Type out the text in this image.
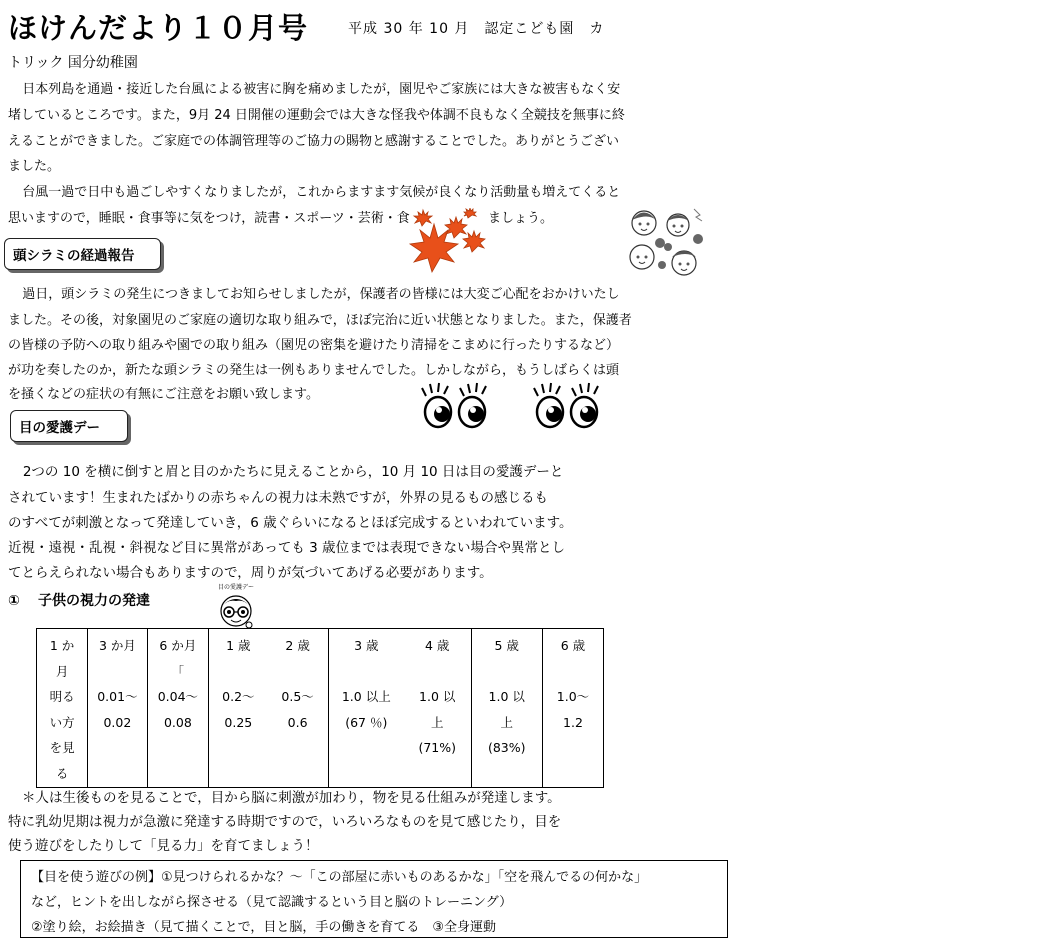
ほけんだより１０月号	平成 30 年 10 月　認定こども園　カ
トリック 国分幼稚園
日本列島を通過・接近した台風による被害に胸を痛めましたが，園児やご家族には大きな被害もなく安
堵しているところです。また，9月 24 日開催の運動会では大きな怪我や体調不良もなく全競技を無事に終
えることができました。ご家庭での体調管理等のご協力の賜物と感謝することでした。ありがとうござい
ました。
台風一過で日中も過ごしやすくなりましたが，これからますます気候が良くなり活動量も増えてくると
思いますので，睡眠・食事等に気をつけ，読書・スポーツ・芸術・食	ましょう。
頭シラミの経過報告
過日，頭シラミの発生につきましてお知らせしましたが，保護者の皆様には大変ご心配をおかけいたし
ました。その後，対象園児のご家庭の適切な取り組みで，ほぼ完治に近い状態となりました。また，保護者
の皆様の予防への取り組みや園での取り組み（園児の密集を避けたり清掃をこまめに行ったりするなど）
が功を奏したのか，新たな頭シラミの発生は一例もありませんでした。しかしながら，もうしばらくは頭
を掻くなどの症状の有無にご注意をお願い致します。
目の愛護デー
2つの 10 を横に倒すと眉と目のかたちに見えることから，10 月 10 日は目の愛護デーと
されています！生まれたばかりの赤ちゃんの視力は未熟ですが，外界の見るもの感じるも
のすべてが刺激となって発達していき，6 歳ぐらいになるとほぼ完成するといわれています。
近視・遠視・乱視・斜視など目に異常があっても 3 歳位までは表現できない場合や異常とし
てとらえられない場合もありますので，周りが気づいてあげる必要があります。
① 子供の視力の発達
目の愛護デー
1 か
月
明る
い方
を見
る	3 か月

0.01～
0.02	6 か月
「
0.04～
0.08	1 歳

0.2～
0.25	2 歳

0.5～
0.6	3 歳

1.0 以上
(67 ％)	4 歳

1.0 以
上
(71%)	5 歳

1.0 以
上
(83%)	6 歳

1.0～
1.2
＊人は生後ものを見ることで，目から脳に刺激が加わり，物を見る仕組みが発達します。
特に乳幼児期は視力が急激に発達する時期ですので，いろいろなものを見て感じたり，目を
使う遊びをしたりして「見る力」を育てましょう！
【目を使う遊びの例】①見つけられるかな？～「この部屋に赤いものあるかな」「空を飛んでるの何かな」
など，ヒントを出しながら探させる（見て認識するという目と脳のトレーニング）
②塗り絵，お絵描き（見て描くことで，目と脳，手の働きを育てる　③全身運動
